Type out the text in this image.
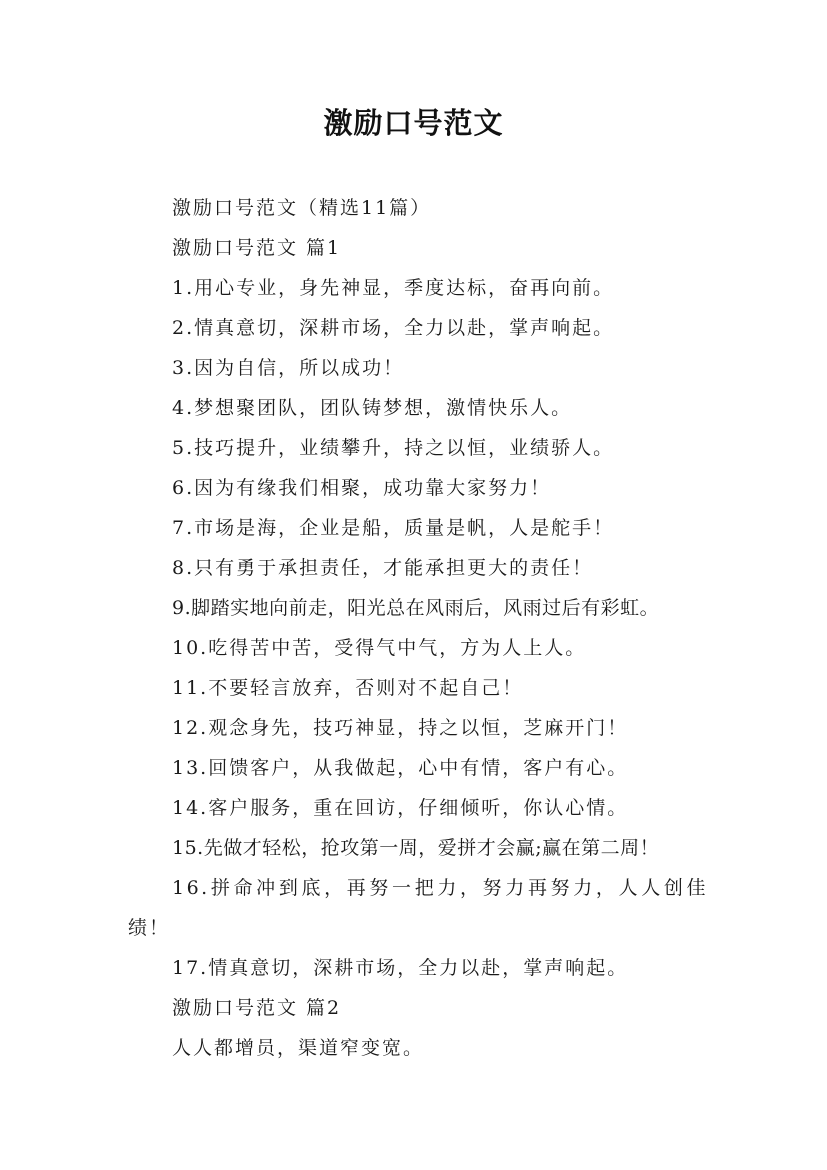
激励口号范文
激励口号范文（精选11篇）
激励口号范文 篇1
1.用心专业，身先神显，季度达标，奋再向前。
2.情真意切，深耕市场，全力以赴，掌声响起。
3.因为自信，所以成功！
4.梦想聚团队，团队铸梦想，激情快乐人。
5.技巧提升，业绩攀升，持之以恒，业绩骄人。
6.因为有缘我们相聚，成功靠大家努力！
7.市场是海，企业是船，质量是帆，人是舵手！
8.只有勇于承担责任，才能承担更大的责任！
9.脚踏实地向前走，阳光总在风雨后，风雨过后有彩虹。
10.吃得苦中苦，受得气中气，方为人上人。
11.不要轻言放弃，否则对不起自己！
12.观念身先，技巧神显，持之以恒，芝麻开门！
13.回馈客户，从我做起，心中有情，客户有心。
14.客户服务，重在回访，仔细倾听，你认心情。
15.先做才轻松，抢攻第一周，爱拼才会赢;赢在第二周！
16.拼命冲到底，再努一把力，努力再努力，人人创佳
绩！
17.情真意切，深耕市场，全力以赴，掌声响起。
激励口号范文 篇2
人人都增员，渠道窄变宽。
